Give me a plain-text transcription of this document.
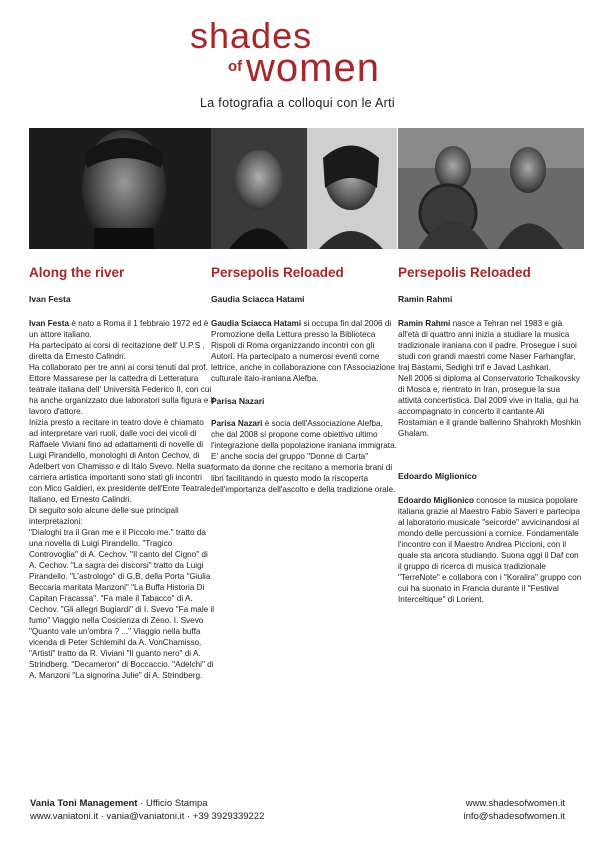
shades
women
of
La fotografia a colloqui con le Arti
Along the river
Ivan Festa

Ivan Festa è nato a Roma il 1 febbraio 1972 ed è un attore italiano.

Ha partecipato ai corsi di recitazione dell' U.P.S . diretta da Ernesto Calindri.

Ha collaborato per tre anni ai corsi tenuti dal prof. Ettore Massarese per la cattedra di Letteratura teatrale italiana dell' Università Federico II, con cui ha anche organizzato due laboratori sulla figura e il lavoro d'attore.

Inizia presto a recitare in teatro dove è chiamato ad interpretare vari ruoli, dalle voci dei vicoli di Raffaele Viviani fino ad adattamenti di novelle di Luigi Pirandello, monologhi di Anton Cechov, di Adelbert von Chamisso e di Italo Svevo. Nella sua carriera artistica importanti sono stati gli incontri con Mico Galdieri, ex presidente dell'Ente Teatrale Italiano, ed Ernesto Calindri.

Di seguito solo alcune delle sue principali interpretazioni:

"Dialoghi tra il Gran me e il Piccolo me." tratto da una novella di Luigi Pirandello. "Tragico Controvoglia" di A. Cechov. "Il canto del Cigno" di A. Cechov. "La sagra dei discorsi" tratto da Luigi Pirandello. "L'astrologo" di G.B. della Porta "Giulia Beccaria maritata Manzoni" "La Buffa Historia Di Capitan Fracassa". "Fa male il Tabacco" di A. Cechov. "Gli allegri Bugiardi" di I. Svevo "Fa male il fumo" Viaggio nella Coscienza di Zeno. I. Svevo "Quanto vale un'ombra ? ..." Viaggio nella buffa vicenda di Peter Schlemihl da A. VonChamisso. "Artisti" tratto da R. Viviani "Il guanto nero" di A. Strindberg. "Decameron" di Boccaccio. "Adelchi" di A. Manzoni "La signorina Julie" di A. Strindberg.

Persepolis Reloaded
Gaudia Sciacca Hatami

Gaudia Sciacca Hatami si occupa fin dal 2006 di Promozione della Lettura presso la Biblioteca Rispoli di Roma organizzando incontri con gli Autori. Ha partecipato a numerosi eventi come lettrice, anche in collaborazione con l'Associazione culturale italo-iraniana Alefba.

Parisa Nazari

Parisa Nazari è socia dell'Associazione Alefba, che dal 2008 si propone come obiettivo ultimo l'integrazione della popolazione iraniana immigrata. E' anche socia del gruppo "Donne di Carta" formato da donne che recitano a memoria brani di libri facilitando in questo modo la riscoperta dell'importanza dell'ascolto e della tradizione orale.

Persepolis Reloaded
Ramin Rahmi

Ramin Rahmi nasce a Tehran nel 1983 e già all'età di quattro anni inizia a studiare la musica tradizionale iraniana con il padre. Prosegue i suoi studi con grandi maestri come Naser Farhangfar, Iraj Bastami, Sedighi trif e Javad Lashkari.

Nell 2006 si diploma al Conservatorio Tchaikovsky di Mosca e, rientrato in Iran, prosegue la sua attività concertistica. Dal 2009 vive in Italia, qui ha accompagnato in concerto il cantante Ali Rostamian e il grande ballerino Shahrokh Moshkin Ghalam.

Edoardo Miglionico

Edoardo Miglionico conosce la musica popolare italiana grazie al Maestro Fabio Saveri e partecipa al laboratorio musicale "seicorde" avvicinandosi al mondo delle percussioni a cornice. Fondamentale l'incontro con il Maestro Andrea Piccioni, con il quale sta ancora studiando. Suona oggi il Daf con il gruppo di ricerca di musica tradizionale "TerreNote" e collabora con i "Koralira" gruppo con cui ha suonato in Francia durante il "Festival Interceltique" di Lorient.

Vania Toni Management · Ufficio Stampa
www.vaniatoni.it · vania@vaniatoni.it · +39 3929339222
www.shadesofwomen.it
info@shadesofwomen.it
